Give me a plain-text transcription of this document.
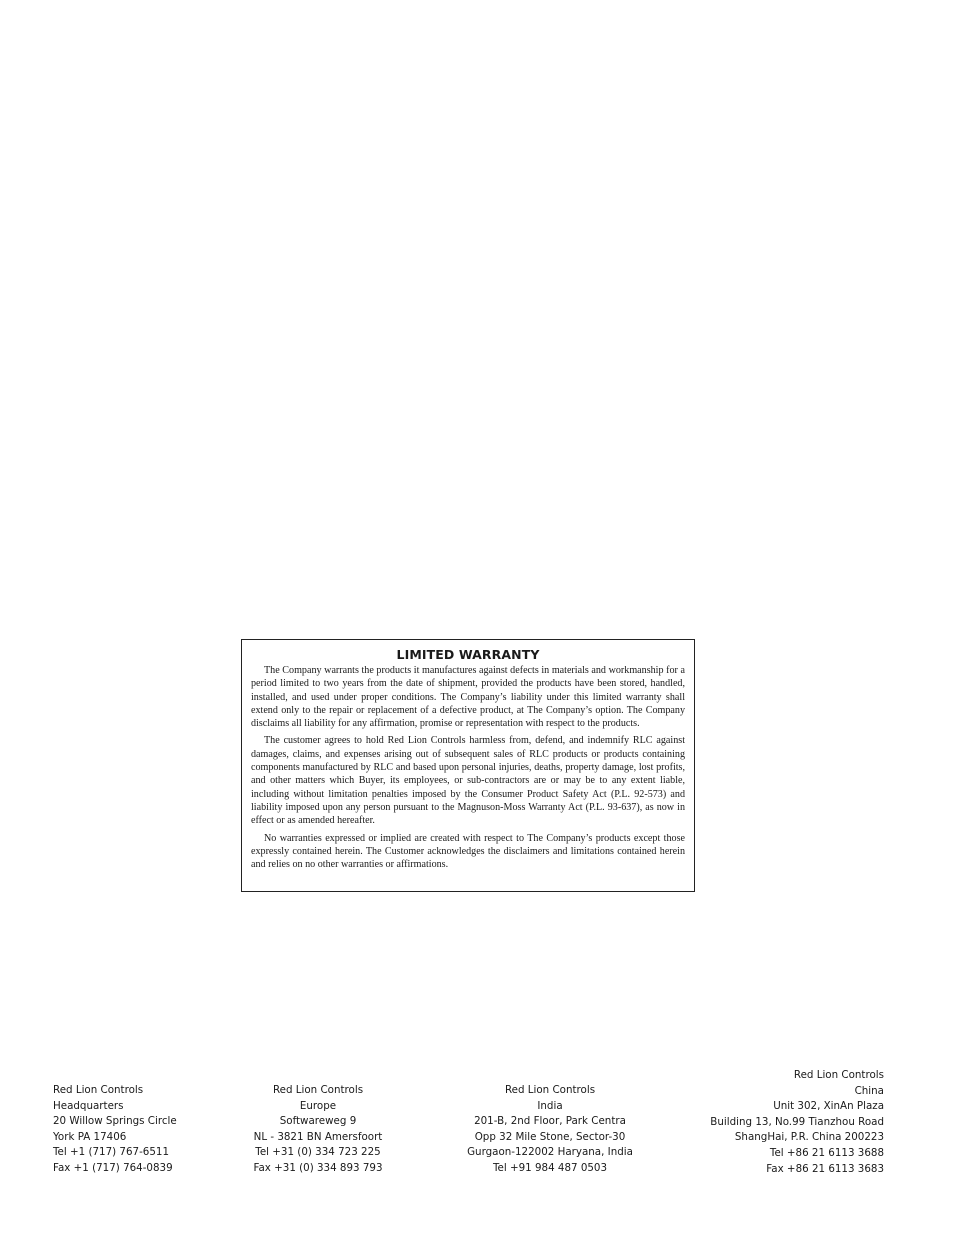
LIMITED WARRANTY

The Company warrants the products it manufactures against defects in materials and workmanship for a period limited to two years from the date of shipment, provided the products have been stored, handled, installed, and used under proper conditions. The Company’s liability under this limited warranty shall extend only to the repair or replacement of a defective product, at The Company’s option. The Company disclaims all liability for any affirmation, promise or representation with respect to the products.

The customer agrees to hold Red Lion Controls harmless from, defend, and indemnify RLC against damages, claims, and expenses arising out of subsequent sales of RLC products or products containing components manufactured by RLC and based upon personal injuries, deaths, property damage, lost profits, and other matters which Buyer, its employees, or sub-contractors are or may be to any extent liable, including without limitation penalties imposed by the Consumer Product Safety Act (P.L. 92-573) and liability imposed upon any person pursuant to the Magnuson-Moss Warranty Act (P.L. 93-637), as now in effect or as amended hereafter.

No warranties expressed or implied are created with respect to The Company’s products except those expressly contained herein. The Customer acknowledges the disclaimers and limitations contained herein and relies on no other warranties or affirmations.

Red Lion Controls
Headquarters
20 Willow Springs Circle
York PA 17406
Tel +1 (717) 767-6511
Fax +1 (717) 764-0839
Red Lion Controls
Europe
Softwareweg 9
NL - 3821 BN Amersfoort
Tel +31 (0) 334 723 225
Fax +31 (0) 334 893 793
Red Lion Controls
India
201-B, 2nd Floor, Park Centra
Opp 32 Mile Stone, Sector-30
Gurgaon-122002 Haryana, India
Tel +91 984 487 0503
Red Lion Controls
China
Unit 302, XinAn Plaza
Building 13, No.99 Tianzhou Road
ShangHai, P.R. China 200223
Tel +86 21 6113 3688
Fax +86 21 6113 3683
